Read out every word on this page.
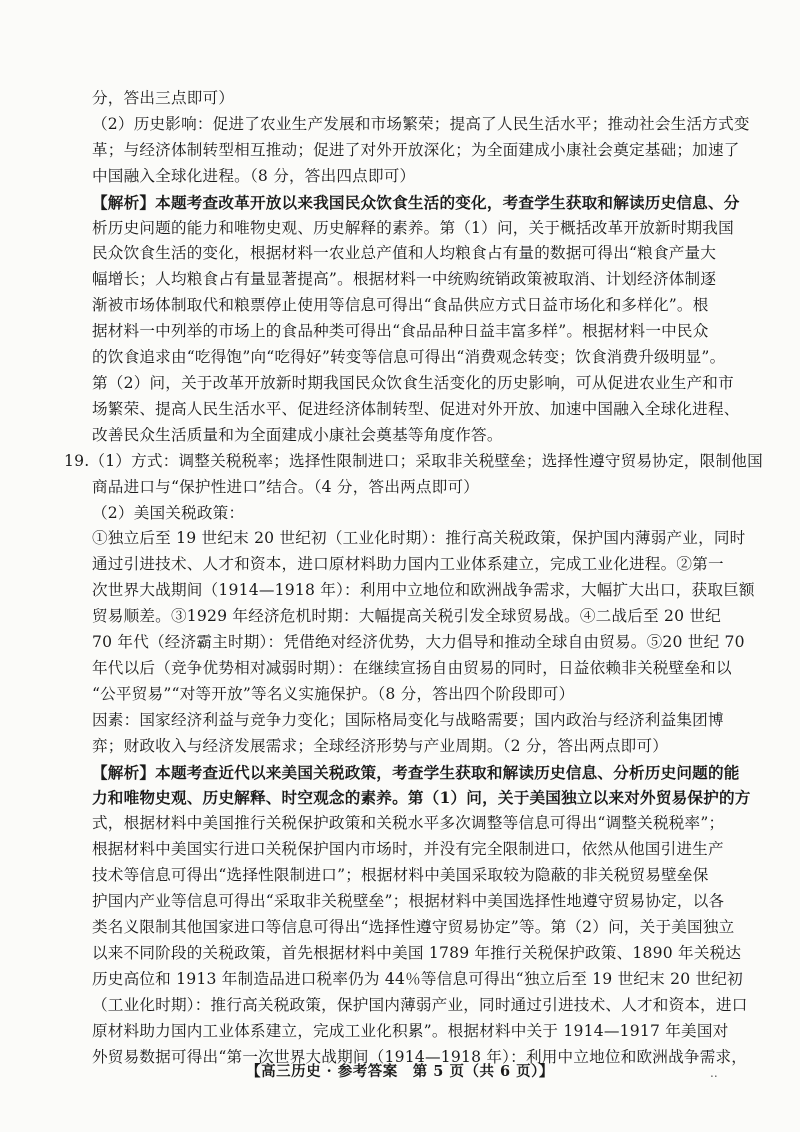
分，答出三点即可）
（2）历史影响：促进了农业生产发展和市场繁荣；提高了人民生活水平；推动社会生活方式变
革；与经济体制转型相互推动；促进了对外开放深化；为全面建成小康社会奠定基础；加速了
中国融入全球化进程。（8 分，答出四点即可）
【解析】本题考查改革开放以来我国民众饮食生活的变化，考查学生获取和解读历史信息、分
析历史问题的能力和唯物史观、历史解释的素养。第（1）问，关于概括改革开放新时期我国
民众饮食生活的变化，根据材料一农业总产值和人均粮食占有量的数据可得出“粮食产量大
幅增长；人均粮食占有量显著提高”。根据材料一中统购统销政策被取消、计划经济体制逐
渐被市场体制取代和粮票停止使用等信息可得出“食品供应方式日益市场化和多样化”。根
据材料一中列举的市场上的食品种类可得出“食品品种日益丰富多样”。根据材料一中民众
的饮食追求由“吃得饱”向“吃得好”转变等信息可得出“消费观念转变；饮食消费升级明显”。
第（2）问，关于改革开放新时期我国民众饮食生活变化的历史影响，可从促进农业生产和市
场繁荣、提高人民生活水平、促进经济体制转型、促进对外开放、加速中国融入全球化进程、
改善民众生活质量和为全面建成小康社会奠基等角度作答。
19.（1）方式：调整关税税率；选择性限制进口；采取非关税壁垒；选择性遵守贸易协定，限制他国
商品进口与“保护性进口”结合。（4 分，答出两点即可）
（2）美国关税政策：
①独立后至 19 世纪末 20 世纪初（工业化时期）：推行高关税政策，保护国内薄弱产业，同时
通过引进技术、人才和资本，进口原材料助力国内工业体系建立，完成工业化进程。②第一
次世界大战期间（1914—1918 年）：利用中立地位和欧洲战争需求，大幅扩大出口，获取巨额
贸易顺差。③1929 年经济危机时期：大幅提高关税引发全球贸易战。④二战后至 20 世纪
70 年代（经济霸主时期）：凭借绝对经济优势，大力倡导和推动全球自由贸易。⑤20 世纪 70
年代以后（竞争优势相对减弱时期）：在继续宣扬自由贸易的同时，日益依赖非关税壁垒和以
“公平贸易”“对等开放”等名义实施保护。（8 分，答出四个阶段即可）
因素：国家经济利益与竞争力变化；国际格局变化与战略需要；国内政治与经济利益集团博
弈；财政收入与经济发展需求；全球经济形势与产业周期。（2 分，答出两点即可）
【解析】本题考查近代以来美国关税政策，考查学生获取和解读历史信息、分析历史问题的能
力和唯物史观、历史解释、时空观念的素养。第（1）问，关于美国独立以来对外贸易保护的方
式，根据材料中美国推行关税保护政策和关税水平多次调整等信息可得出“调整关税税率”；
根据材料中美国实行进口关税保护国内市场时，并没有完全限制进口，依然从他国引进生产
技术等信息可得出“选择性限制进口”；根据材料中美国采取较为隐蔽的非关税贸易壁垒保
护国内产业等信息可得出“采取非关税壁垒”；根据材料中美国选择性地遵守贸易协定，以各
类名义限制其他国家进口等信息可得出“选择性遵守贸易协定”等。第（2）问，关于美国独立
以来不同阶段的关税政策，首先根据材料中美国 1789 年推行关税保护政策、1890 年关税达
历史高位和 1913 年制造品进口税率仍为 44％等信息可得出“独立后至 19 世纪末 20 世纪初
（工业化时期）：推行高关税政策，保护国内薄弱产业，同时通过引进技术、人才和资本，进口
原材料助力国内工业体系建立，完成工业化积累”。根据材料中关于 1914—1917 年美国对
外贸易数据可得出“第一次世界大战期间（1914—1918 年）：利用中立地位和欧洲战争需求，
【高三历史 · 参考答案　第 5 页（共 6 页）】	..
